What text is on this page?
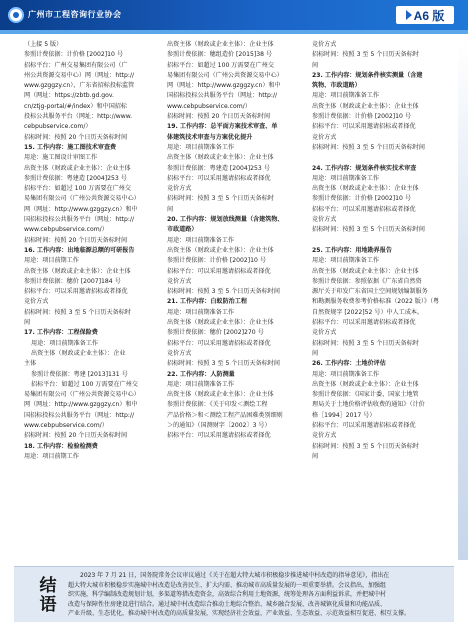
广州市工程咨询行业协会	A6 版
（上接 5 版）
参照计费依据：计价格 [2002]10 号
招标平台：广州交易集团有限公司（广
州公共资源交易中心）网（网址：http://
www.gzggzy.cn），广东省招标投标监管
网（网址：https://zbtb.gd.gov.
cn/ztjg-portal/#/index）和中国招标
投标公共服务平台（网址：http://www.
cebpubservice.com/）
招标时间：按照 20 个日历天备标时间
15. 工作内容：施工图技术审查费
用途：施工图设计审图工作
出资主体（财政或企业主体）：企业主体
参照计费依据：粤建造 [2004]253 号
招标平台：如超过 100 万需要在广州交
易集团有限公司（广州公共资源交易中心）
网（网址：http://www.gzggzy.cn）和中
国招标投标公共服务平台（网址：http://
www.cebpubservice.com/）
招标时间：按照 20 个日历天备标时间
16. 工作内容：出地临源总额的可研报告
用途：项目前期工作
出资主体（财政或企业主体）：企业主体
参照计费依据：穗价 [2007]184 号
招标平台：可以采用邀请招标或者择优
竞价方式
招标时间：按照 3 至 5 个日历天备标时
间
17. 工作内容：工程保险费
用途：项目前期准备工作
出资主体（财政或企业主体）：企业
主体
参照计费依据：粤建 [2013]131 号
招标平台：如超过 100 万需要在广州交
易集团有限公司（广州公共资源交易中心）
网（网址：http://www.gzggzy.cn）和中
国招标投标公共服务平台（网址：http://
www.cebpubservice.com/）
招标时间：按照 20 个日历天备标时间
18. 工作内容：检验检测费
用途：项目前期工作
出资主体（财政或企业主体）：企业主体
参照计费依据：穗组造价 [2015]38 号
招标平台：如超过 100 万需要在广州交
易集团有限公司（广州公共资源交易中心）
网（网址：http://www.gzggzy.cn）和中
国招标投标公共服务平台（网址：http://
www.cebpubservice.com/）
招标时间：按照 20 个日历天备标时间
19. 工作内容：总平面方案技术审查、单
体建筑技术审查与方案优化提升
用途：项目前期准备工作
出资主体（财政或企业主体）：企业主体
参照计费依据：粤建造 [2004]253 号
招标平台：可以采用邀请招标或者择优
竞价方式
招标时间：按照 3 至 5 个日历天备标时
间
20. 工作内容：规划放线测量（含建筑物、
市政道路）
用途：项目前期准备工作
出资主体（财政或企业主体）：企业主体
参照计费依据：计价格 [2002]10 号
招标平台：可以采用邀请招标或者择优
竞价方式
招标时间：按照 3 至 5 个日历天备标时间
21. 工作内容：白蚁防治工程
用途：项目前期准备工作
出资主体（财政或企业主体）：企业主体
参照计费依据：穗价 [2002]270 号
招标平台：可以采用邀请招标或者择优
竞价方式
招标时间：按照 3 至 5 个日历天备标时间
22. 工作内容：人防测量
用途：项目前期准备工作
出资主体（财政或企业主体）：企业主体
参照计费依据：《关于印发＜测绘工程
产品价格＞和＜测绘工程产品困难类别细则
＞的通知》（国测财字〔2002〕3 号）
招标平台：可以采用邀请招标或者择优
竞价方式
招标时间：按照 3 至 5 个日历天备标时
间
23. 工作内容：规划条件核实测量（含建
筑物、市政道路）
用途：项目前期准备工作
出资主体（财政或企业主体）：企业主体
参照计费依据：计价格 [2002]10 号
招标平台：可以采用邀请招标或者择优
竞价方式
招标时间：按照 3 至 5 个日历天备标时间

24. 工作内容：规划条件核实技术审查
用途：项目前期准备工作
出资主体（财政或企业主体）：企业主体
参照计费依据：计价格 [2002]10 号
招标平台：可以采用邀请招标或者择优
竞价方式
招标时间：按照 3 至 5 个日历天备标时间

25. 工作内容：用地勘界报告
用途：项目前期准备工作
出资主体（财政或企业主体）：企业主体
参照计费依据：参照依据《广东省自然资
源厅关于印发广东省国土空间规划编制服务
和勘测服务收费参考价格标准（2022 版）》（粤
自然资规字 [2022]52 号）中人工成本。
招标平台：可以采用邀请招标或者择优
竞价方式
招标时间：按照 3 至 5 个日历天备标时
间
26. 工作内容：土地价评估
用途：项目前期准备工作
出资主体（财政或企业主体）：企业主体
参照计费依据：《国家计委、国家土地管
理局关于土地价格评估收费的通知》（计价
格［1994］2017 号）
招标平台：可以采用邀请招标或者择优
竞价方式
招标时间：按照 3 至 5 个日历天备标时
间
结语
　　2023 年 7 月 21 日，国务院常务会议审议通过《关于在超大特大城市积极稳步推进城中村改造的指导意见》，指出在
超大特大城市积极稳步实施城中村改造是改善民生、扩大内需、推动城市高质量发展的一项重要举措。会议指出，加强组
织实施，科学编制改造规划计划，多渠道筹措改造资金，高效综合利用土地资源，统筹处理各方面利益诉求，并把城中村
改造与保障性住房建设进行结合。通过城中村改造综合推动土地综合整治、城乡融合发展、改善城镇化质量和功能品质、
产业升级、生态优化，推动城中村改造的高质量发展，实现经济社会效益、产业效益、生态效益、示范效益相互促进、相互支撑。
